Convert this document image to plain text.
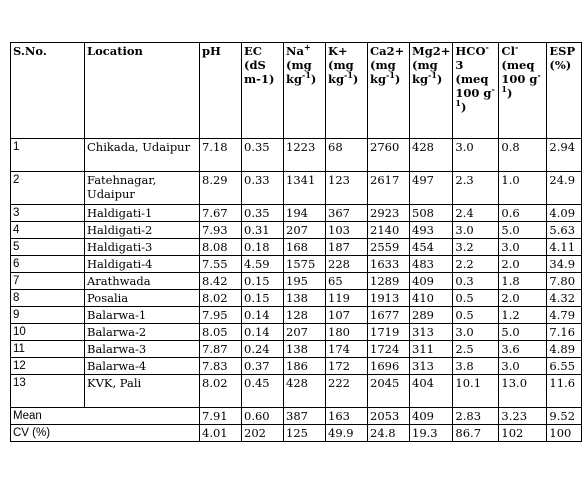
S.No.	Location	pH	EC (dS m-1)	Na+ (mg $kg^{-1}$)	K+ (mg $kg^{-1}$)	Ca2+ (mg $kg^{-1}$)	Mg2+ (mg $kg^{-1}$)	HCO- 3 (meq 100 $g^{-1}$)	Cl- (meq 100 $g^{-1}$)	ESP (%)
1	Chikada, Udaipur	7.18	0.35	1223	68	2760	428	3.0	0.8	2.94
2	Fatehnagar, Udaipur	8.29	0.33	1341	123	2617	497	2.3	1.0	24.9
3	Haldigati-1	7.67	0.35	194	367	2923	508	2.4	0.6	4.09
4	Haldigati-2	7.93	0.31	207	103	2140	493	3.0	5.0	5.63
5	Haldigati-3	8.08	0.18	168	187	2559	454	3.2	3.0	4.11
6	Haldigati-4	7.55	4.59	1575	228	1633	483	2.2	2.0	34.9
7	Arathwada	8.42	0.15	195	65	1289	409	0.3	1.8	7.80
8	Posalia	8.02	0.15	138	119	1913	410	0.5	2.0	4.32
9	Balarwa-1	7.95	0.14	128	107	1677	289	0.5	1.2	4.79
10	Balarwa-2	8.05	0.14	207	180	1719	313	3.0	5.0	7.16
11	Balarwa-3	7.87	0.24	138	174	1724	311	2.5	3.6	4.89
12	Balarwa-4	7.83	0.37	186	172	1696	313	3.8	3.0	6.55
13	KVK, Pali	8.02	0.45	428	222	2045	404	10.1	13.0	11.6
Mean		7.91	0.60	387	163	2053	409	2.83	3.23	9.52
CV (%)		4.01	202	125	49.9	24.8	19.3	86.7	102	100
